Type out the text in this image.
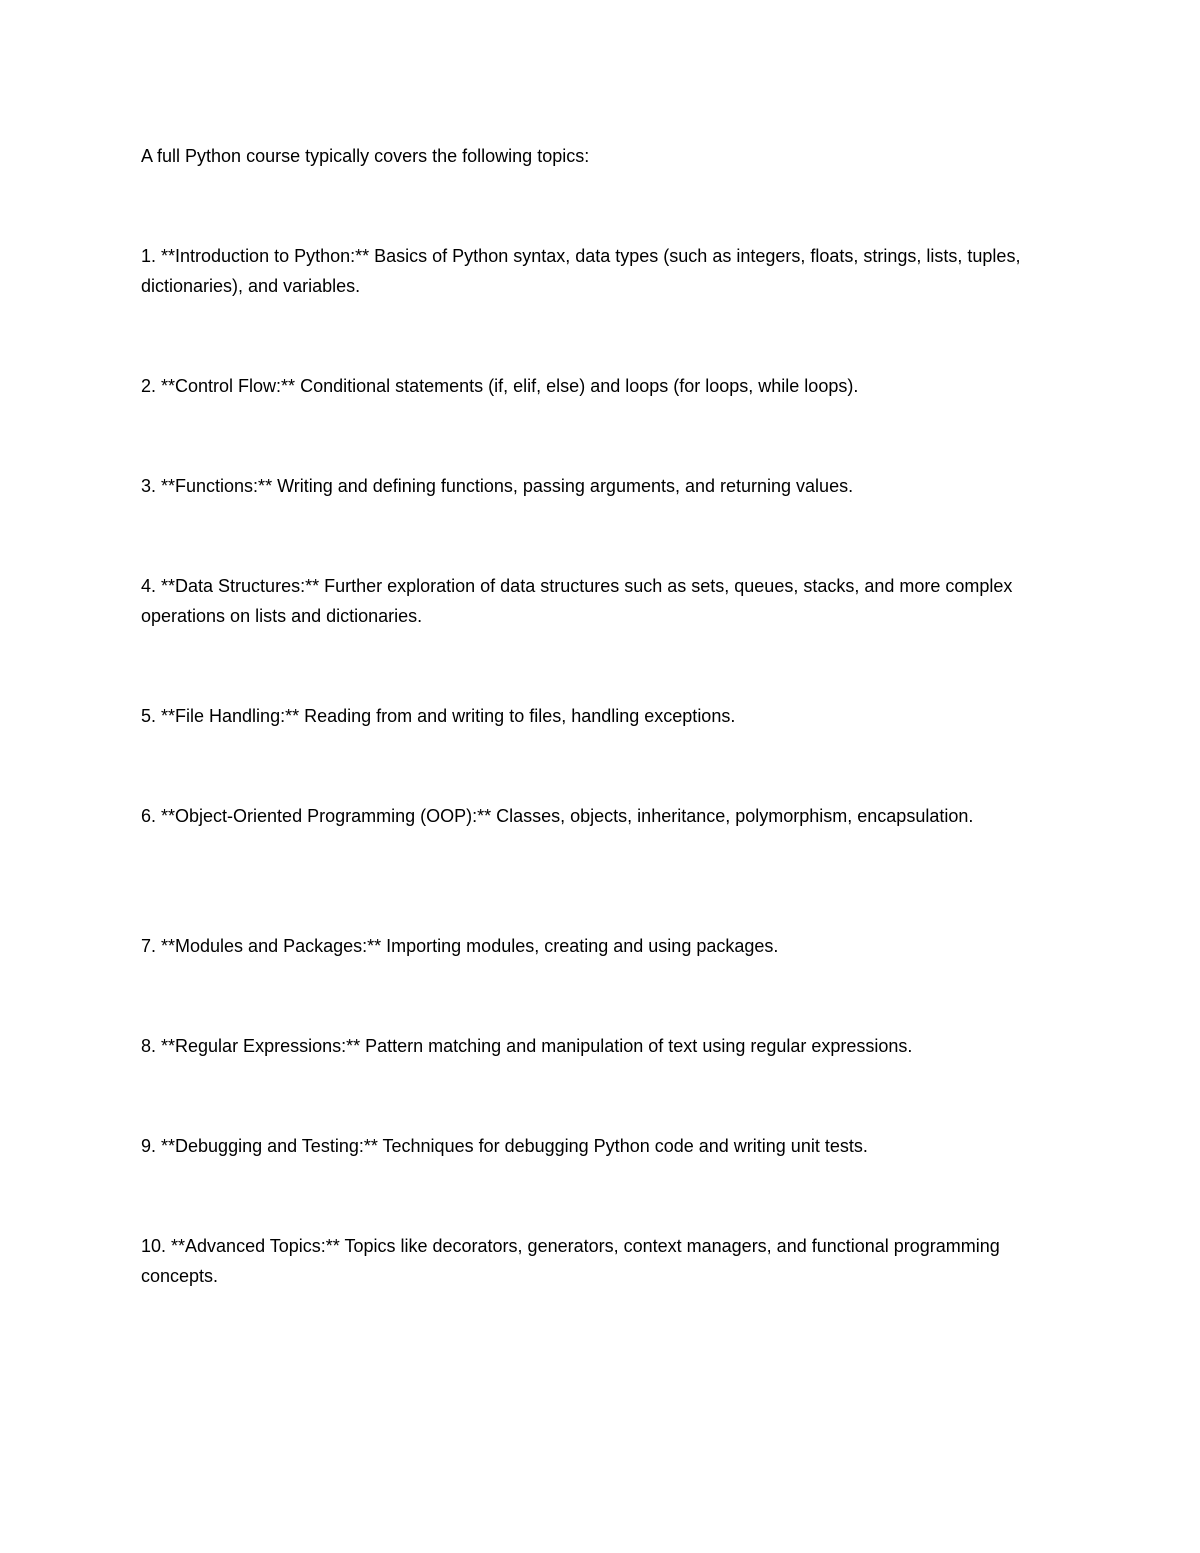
A full Python course typically covers the following topics:

1. **Introduction to Python:** Basics of Python syntax, data types (such as integers, floats, strings, lists, tuples, dictionaries), and variables.
2. **Control Flow:** Conditional statements (if, elif, else) and loops (for loops, while loops).
3. **Functions:** Writing and defining functions, passing arguments, and returning values.
4. **Data Structures:** Further exploration of data structures such as sets, queues, stacks, and more complex operations on lists and dictionaries.
5. **File Handling:** Reading from and writing to files, handling exceptions.
6. **Object-Oriented Programming (OOP):** Classes, objects, inheritance, polymorphism, encapsulation.
7. **Modules and Packages:** Importing modules, creating and using packages.
8. **Regular Expressions:** Pattern matching and manipulation of text using regular expressions.
9. **Debugging and Testing:** Techniques for debugging Python code and writing unit tests.
10. **Advanced Topics:** Topics like decorators, generators, context managers, and functional programming concepts.
